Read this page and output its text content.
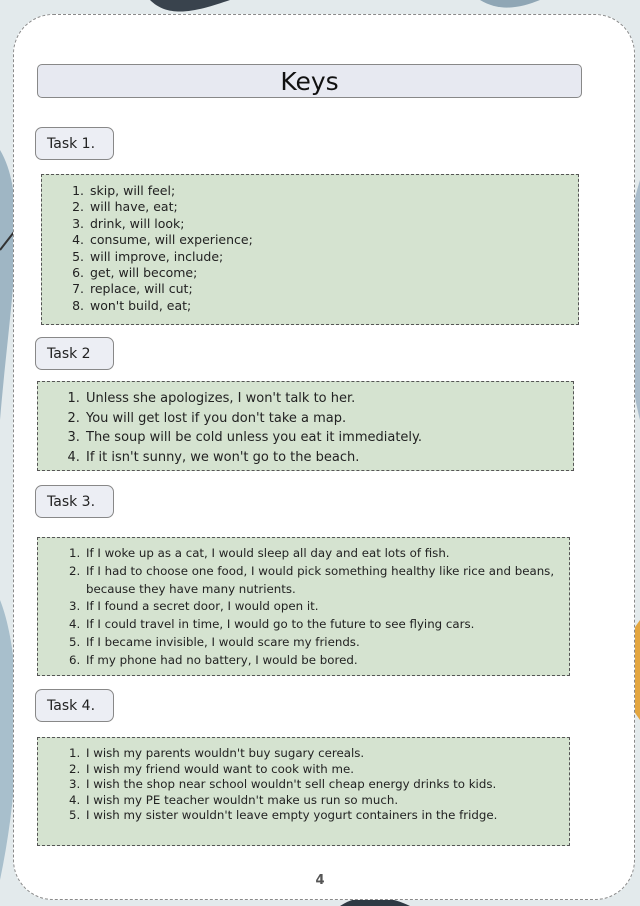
Keys
Task 1.
1. skip, will feel;
2. will have, eat;
3. drink, will look;
4. consume, will experience;
5. will improve, include;
6. get, will become;
7. replace, will cut;
8. won't build, eat;
Task 2
1. Unless she apologizes, I won't talk to her.
2. You will get lost if you don't take a map.
3. The soup will be cold unless you eat it immediately.
4. If it isn't sunny, we won't go to the beach.
Task 3.
1. If I woke up as a cat, I would sleep all day and eat lots of fish.
2. If I had to choose one food, I would pick something healthy like rice and beans, because they have many nutrients.
3. If I found a secret door, I would open it.
4. If I could travel in time, I would go to the future to see flying cars.
5. If I became invisible, I would scare my friends.
6. If my phone had no battery, I would be bored.
Task 4.
1. I wish my parents wouldn't buy sugary cereals.
2. I wish my friend would want to cook with me.
3. I wish the shop near school wouldn't sell cheap energy drinks to kids.
4. I wish my PE teacher wouldn't make us run so much.
5. I wish my sister wouldn't leave empty yogurt containers in the fridge.
4
